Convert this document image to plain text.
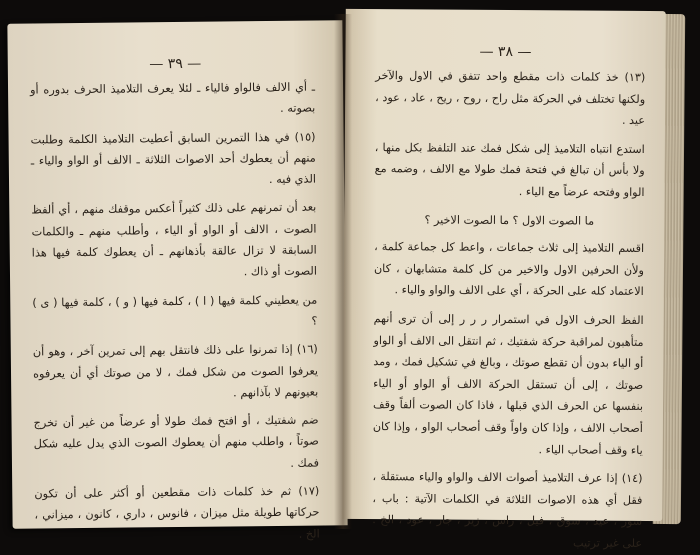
— ٣٩ —

ـ أي الالف فالواو فالياء ـ لئلا يعرف التلاميذ الحرف بدوره أو بصوته .

(١٥) في هذا التمرين السابق أعطيت التلاميذ الكلمة وطلبت منهم أن يعطوك أحد الاصوات الثلاثة ـ الالف أو الواو والياء ـ الذي فيه .

بعد أن تمرنهم على ذلك كثيراً أعكس موقفك منهم ، أي ألفظ الصوت ، الالف أو الواو أو الياء ، وأطلب منهم ـ والكلمات السابقة لا تزال عالقة بأذهانهم ـ أن يعطوك كلمة فيها هذا الصوت أو ذاك .

من يعطيني كلمة فيها ( ا ) ، كلمة فيها ( و ) ، كلمة فيها ( ى ) ؟

(١٦) إذا تمرنوا على ذلك فانتقل بهم إلى تمرين آخر ، وهو أن يعرفوا الصوت من شكل فمك ، لا من صوتك أي أن يعرفوه بعيونهم لا بآذانهم .

ضم شفتيك ، أو افتح فمك طولا أو عرضاً من غير أن تخرج صوتاً ، واطلب منهم أن يعطوك الصوت الذي يدل عليه شكل فمك .

(١٧) ثم خذ كلمات ذات مقطعين أو أكثر على أن تكون حركاتها طويلة مثل ميزان ، فانوس ، داري ، كانون ، ميزاني ، الخ .

— ٣٨ —

(١٣) خذ كلمات ذات مقطع واحد تتفق في الاول والآخر ولكنها تختلف في الحركة مثل راح ، روح ، ريح ، عاد ، عود ، عيد .

استدع انتباه التلاميذ إلى شكل فمك عند التلفظ بكل منها ، ولا بأس أن تبالغ في فتحة فمك طولا مع الالف ، وضمه مع الواو وفتحه عرضاً مع الياء .

ما الصوت الاول ؟ ما الصوت الاخير ؟

اقسم التلاميذ إلى ثلاث جماعات ، واعط كل جماعة كلمة ، ولأن الحرفين الاول والاخير من كل كلمة متشابهان ، كان الاعتماد كله على الحركة ، أي على الالف والواو والياء .

الفظ الحرف الاول في استمرار ر ر ر إلى أن ترى أنهم متأهبون لمراقبة حركة شفتيك ، ثم انتقل الى الالف أو الواو أو الياء بدون أن تقطع صوتك ، وبالغ في تشكيل فمك ، ومد صوتك ، إلى أن تستقل الحركة الالف أو الواو أو الياء بنفسها عن الحرف الذي قبلها ، فاذا كان الصوت ألفاً وقف أصحاب الالف ، وإذا كان واواً وقف أصحاب الواو ، وإذا كان ياء وقف أصحاب الياء .

(١٤) إذا عرف التلاميذ أصوات الالف والواو والياء مستقلة ، فقل أي هذه الاصوات الثلاثة في الكلمات الآتية : باب ، سور ، عيد ، سوق ، فيل ، راس ، زير ، جار ، عود ، الخ . على غير ترتيب
